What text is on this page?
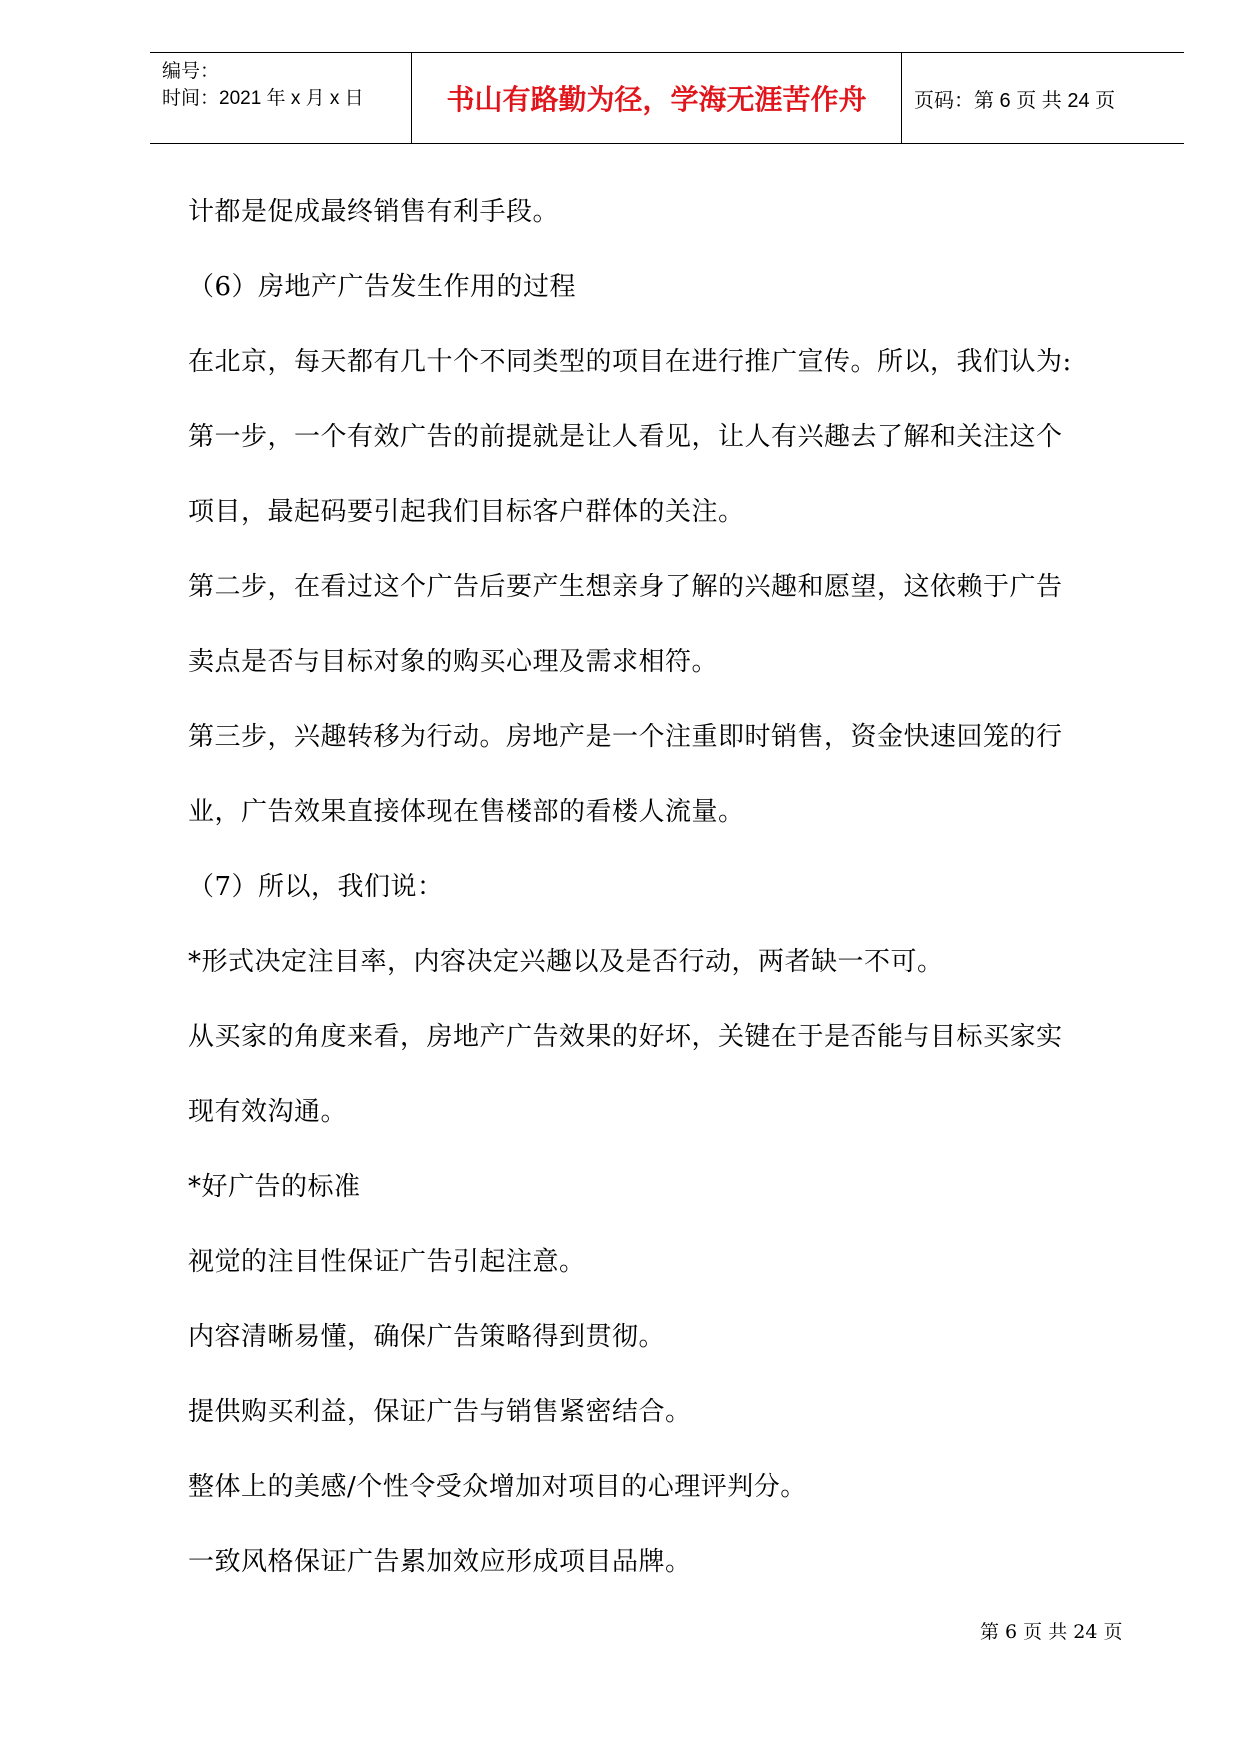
编号：
时间：2021 年 x 月 x 日	书山有路勤为径，学海无涯苦作舟	页码：第 6 页 共 24 页
计都是促成最终销售有利手段。
（6）房地产广告发生作用的过程
在北京，每天都有几十个不同类型的项目在进行推广宣传。所以，我们认为:
第一步，一个有效广告的前提就是让人看见，让人有兴趣去了解和关注这个
项目，最起码要引起我们目标客户群体的关注。
第二步，在看过这个广告后要产生想亲身了解的兴趣和愿望，这依赖于广告
卖点是否与目标对象的购买心理及需求相符。
第三步，兴趣转移为行动。房地产是一个注重即时销售，资金快速回笼的行
业，广告效果直接体现在售楼部的看楼人流量。
（7）所以，我们说：
*形式决定注目率，内容决定兴趣以及是否行动，两者缺一不可。
从买家的角度来看，房地产广告效果的好坏，关键在于是否能与目标买家实
现有效沟通。
*好广告的标准
视觉的注目性保证广告引起注意。
内容清晰易懂，确保广告策略得到贯彻。
提供购买利益，保证广告与销售紧密结合。
整体上的美感/个性令受众增加对项目的心理评判分。
一致风格保证广告累加效应形成项目品牌。
第 6 页 共 24 页
